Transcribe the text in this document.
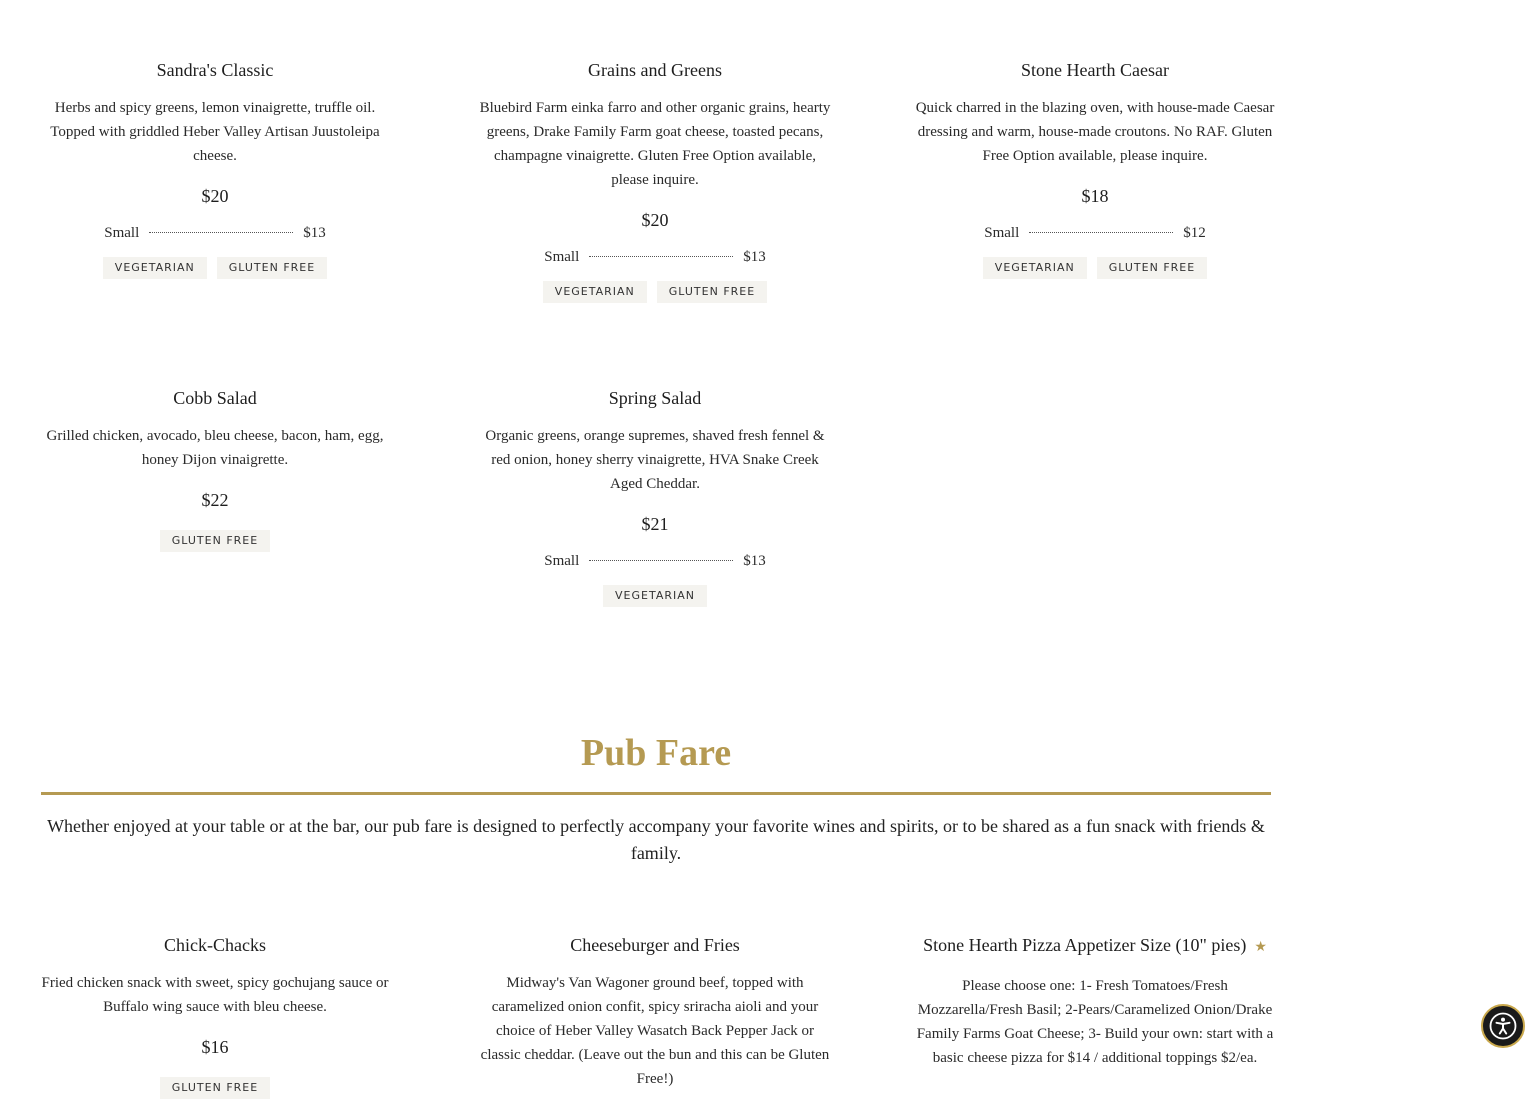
Sandra's Classic

Herbs and spicy greens, lemon vinaigrette, truffle oil. Topped with griddled Heber Valley Artisan Juustoleipa cheese.

$20

Small	$13
VEGETARIAN	GLUTEN FREE

Grains and Greens

Bluebird Farm einka farro and other organic grains, hearty greens, Drake Family Farm goat cheese, toasted pecans, champagne vinaigrette. Gluten Free Option available, please inquire.

$20

Small	$13
VEGETARIAN	GLUTEN FREE

Stone Hearth Caesar

Quick charred in the blazing oven, with house-made Caesar dressing and warm, house-made croutons. No RAF. Gluten Free Option available, please inquire.

$18

Small	$12
VEGETARIAN	GLUTEN FREE

Cobb Salad

Grilled chicken, avocado, bleu cheese, bacon, ham, egg, honey Dijon vinaigrette.

$22

GLUTEN FREE

Spring Salad

Organic greens, orange supremes, shaved fresh fennel & red onion, honey sherry vinaigrette, HVA Snake Creek Aged Cheddar.

$21

Small	$13
VEGETARIAN
Pub Fare

Whether enjoyed at your table or at the bar, our pub fare is designed to perfectly accompany your favorite wines and spirits, or to be shared as a fun snack with friends & family.

Chick-Chacks

Fried chicken snack with sweet, spicy gochujang sauce or Buffalo wing sauce with bleu cheese.

$16

GLUTEN FREE

Cheeseburger and Fries

Midway's Van Wagoner ground beef, topped with caramelized onion confit, spicy sriracha aioli and your choice of Heber Valley Wasatch Back Pepper Jack or classic cheddar. (Leave out the bun and this can be Gluten Free!)

Stone Hearth Pizza Appetizer Size (10" pies) ★

Please choose one: 1- Fresh Tomatoes/Fresh Mozzarella/Fresh Basil; 2-Pears/Caramelized Onion/Drake Family Farms Goat Cheese; 3- Build your own: start with a basic cheese pizza for $14 / additional toppings $2/ea.
